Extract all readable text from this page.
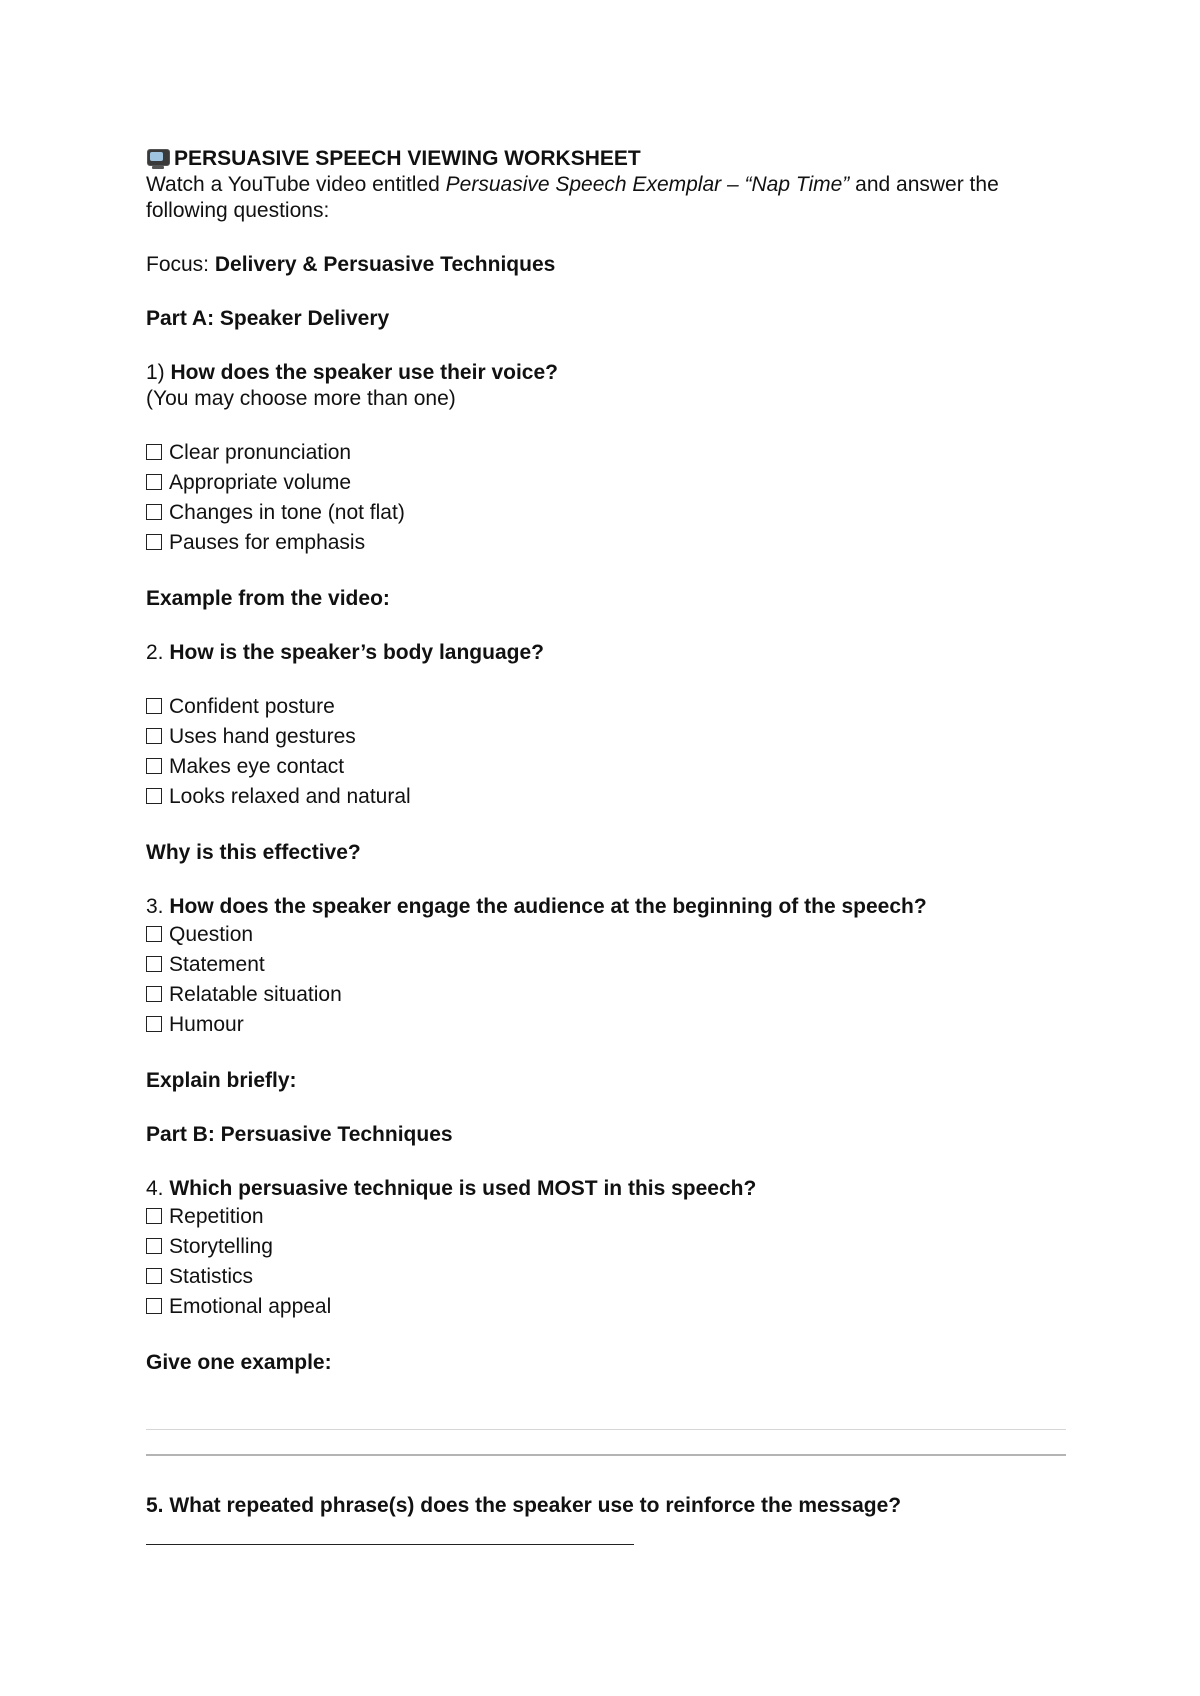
PERSUASIVE SPEECH VIEWING WORKSHEET

Watch a YouTube video entitled Persuasive Speech Exemplar – “Nap Time” and answer the following questions:

Focus: Delivery & Persuasive Techniques

Part A: Speaker Delivery

1) How does the speaker use their voice?

(You may choose more than one)

Clear pronunciation
Appropriate volume
Changes in tone (not flat)
Pauses for emphasis

Example from the video:

2. How is the speaker’s body language?

Confident posture
Uses hand gestures
Makes eye contact
Looks relaxed and natural

Why is this effective?

3. How does the speaker engage the audience at the beginning of the speech?

Question
Statement
Relatable situation
Humour

Explain briefly:

Part B: Persuasive Techniques

4. Which persuasive technique is used MOST in this speech?

Repetition
Storytelling
Statistics
Emotional appeal

Give one example:

5. What repeated phrase(s) does the speaker use to reinforce the message?
